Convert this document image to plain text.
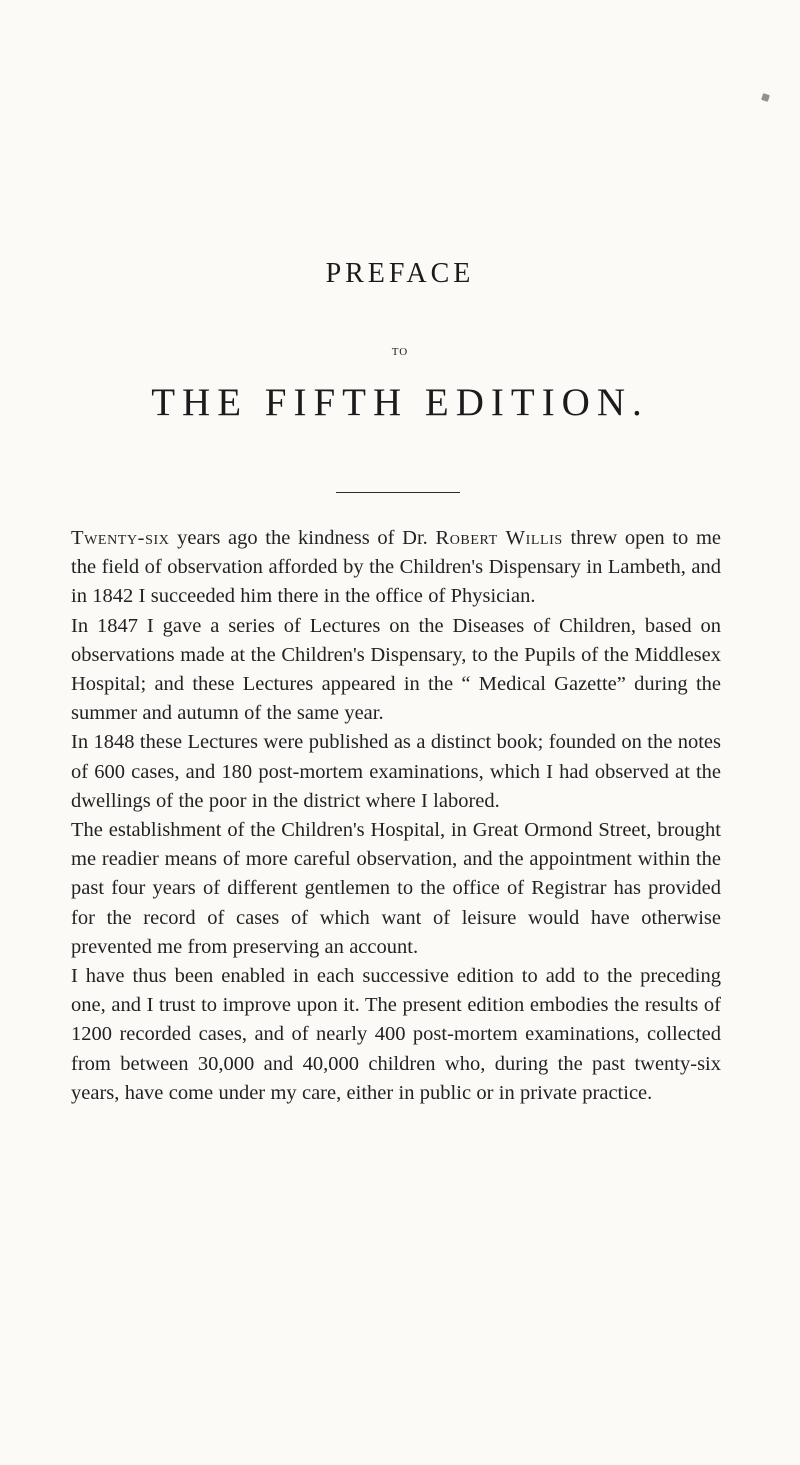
PREFACE
TO
THE FIFTH EDITION.

Twenty-six years ago the kindness of Dr. Robert Willis threw open to me the field of observation afforded by the Children's Dispensary in Lambeth, and in 1842 I succeeded him there in the office of Physician.

In 1847 I gave a series of Lectures on the Diseases of Children, based on observations made at the Children's Dispensary, to the Pupils of the Middlesex Hospital; and these Lectures appeared in the “ Medical Gazette” during the summer and autumn of the same year.

In 1848 these Lectures were published as a distinct book; founded on the notes of 600 cases, and 180 post-mortem examinations, which I had observed at the dwellings of the poor in the district where I labored.

The establishment of the Children's Hospital, in Great Ormond Street, brought me readier means of more careful observation, and the appointment within the past four years of different gentlemen to the office of Registrar has provided for the record of cases of which want of leisure would have otherwise prevented me from preserving an account.

I have thus been enabled in each successive edition to add to the preceding one, and I trust to improve upon it. The present edition embodies the results of 1200 recorded cases, and of nearly 400 post-mortem examinations, collected from between 30,000 and 40,000 children who, during the past twenty-six years, have come under my care, either in public or in private practice.
